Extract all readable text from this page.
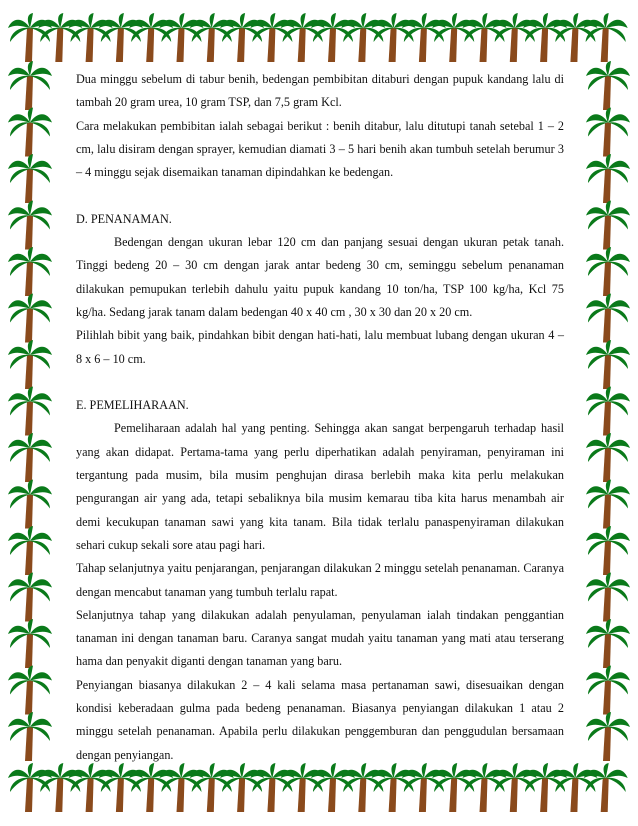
Dua minggu sebelum di tabur benih, bedengan pembibitan ditaburi dengan pupuk kandang lalu di tambah 20 gram urea, 10 gram TSP, dan 7,5 gram Kcl.

Cara melakukan pembibitan ialah sebagai berikut : benih ditabur, lalu ditutupi tanah setebal 1 – 2 cm, lalu disiram dengan sprayer, kemudian diamati 3 – 5 hari benih akan tumbuh setelah berumur 3 – 4 minggu sejak disemaikan tanaman dipindahkan ke bedengan.

D. PENANAMAN.

Bedengan dengan ukuran lebar 120 cm dan panjang sesuai dengan ukuran petak tanah. Tinggi bedeng 20 – 30 cm dengan jarak antar bedeng 30 cm, seminggu sebelum penanaman dilakukan pemupukan terlebih dahulu yaitu pupuk kandang 10 ton/ha, TSP 100 kg/ha, Kcl 75 kg/ha. Sedang jarak tanam dalam bedengan 40 x 40 cm , 30 x 30 dan 20 x 20 cm.

Pilihlah bibit yang baik, pindahkan bibit dengan hati-hati, lalu membuat lubang dengan ukuran 4 – 8 x 6 – 10 cm.

E. PEMELIHARAAN.

Pemeliharaan adalah hal yang penting. Sehingga akan sangat berpengaruh terhadap hasil yang akan didapat. Pertama-tama yang perlu diperhatikan adalah penyiraman, penyiraman ini tergantung pada musim, bila musim penghujan dirasa berlebih maka kita perlu melakukan pengurangan air yang ada, tetapi sebaliknya bila musim kemarau tiba kita harus menambah air demi kecukupan tanaman sawi yang kita tanam. Bila tidak terlalu panaspenyiraman dilakukan sehari cukup sekali sore atau pagi hari.

Tahap selanjutnya yaitu penjarangan, penjarangan dilakukan 2 minggu setelah penanaman. Caranya dengan mencabut tanaman yang tumbuh terlalu rapat.

Selanjutnya tahap yang dilakukan adalah penyulaman, penyulaman ialah tindakan penggantian tanaman ini dengan tanaman baru. Caranya sangat mudah yaitu tanaman yang mati atau terserang hama dan penyakit diganti dengan tanaman yang baru.

Penyiangan biasanya dilakukan 2 – 4 kali selama masa pertanaman sawi, disesuaikan dengan kondisi keberadaan gulma pada bedeng penanaman. Biasanya penyiangan dilakukan 1 atau 2 minggu setelah penanaman. Apabila perlu dilakukan penggemburan dan penggudulan bersamaan dengan penyiangan.
